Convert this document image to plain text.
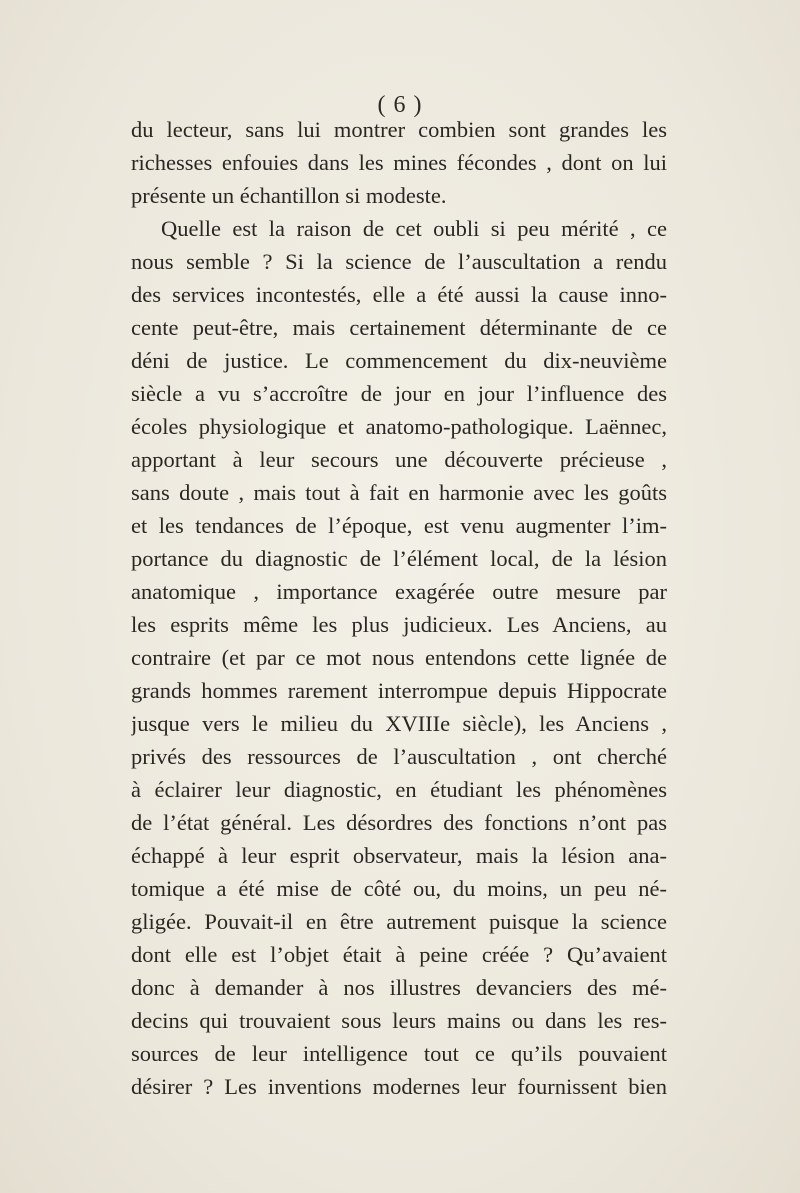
( 6 )
du lecteur, sans lui montrer combien sont grandes les
richesses enfouies dans les mines fécondes , dont on lui
présente un échantillon si modeste.
Quelle est la raison de cet oubli si peu mérité , ce
nous semble ? Si la science de l’auscultation a rendu
des services incontestés, elle a été aussi la cause inno-
cente peut-être, mais certainement déterminante de ce
déni de justice. Le commencement du dix-neuvième
siècle a vu s’accroître de jour en jour l’influence des
écoles physiologique et anatomo-pathologique. Laënnec,
apportant à leur secours une découverte précieuse ,
sans doute , mais tout à fait en harmonie avec les goûts
et les tendances de l’époque, est venu augmenter l’im-
portance du diagnostic de l’élément local, de la lésion
anatomique , importance exagérée outre mesure par
les esprits même les plus judicieux. Les Anciens, au
contraire (et par ce mot nous entendons cette lignée de
grands hommes rarement interrompue depuis Hippocrate
jusque vers le milieu du XVIIIe siècle), les Anciens ,
privés des ressources de l’auscultation , ont cherché
à éclairer leur diagnostic, en étudiant les phénomènes
de l’état général. Les désordres des fonctions n’ont pas
échappé à leur esprit observateur, mais la lésion ana-
tomique a été mise de côté ou, du moins, un peu né-
gligée. Pouvait-il en être autrement puisque la science
dont elle est l’objet était à peine créée ? Qu’avaient
donc à demander à nos illustres devanciers des mé-
decins qui trouvaient sous leurs mains ou dans les res-
sources de leur intelligence tout ce qu’ils pouvaient
désirer ? Les inventions modernes leur fournissent bien
